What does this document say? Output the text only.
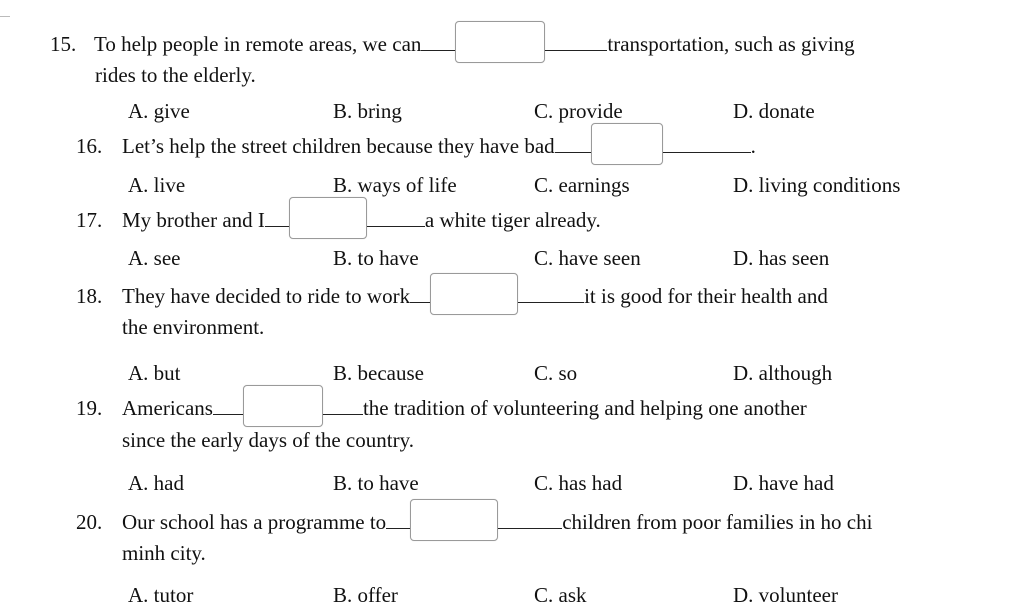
15. To help people in remote areas, we can	transportation, such as giving
rides to the elderly.
A. give	B. bring	C. provide	D. donate
16. Let’s help the street children because they have bad	.
A. live	B. ways of life	C. earnings	D. living conditions
17. My brother and I	a white tiger already.
A. see	B. to have	C. have seen	D. has seen
18. They have decided to ride to work	it is good for their health and
the environment.
A. but	B. because	C. so	D. although
19. Americans	the tradition of volunteering and helping one another
since the early days of the country.
A. had	B. to have	C. has had	D. have had
20. Our school has a programme to	children from poor families in ho chi
minh city.
A. tutor	B. offer	C. ask	D. volunteer
